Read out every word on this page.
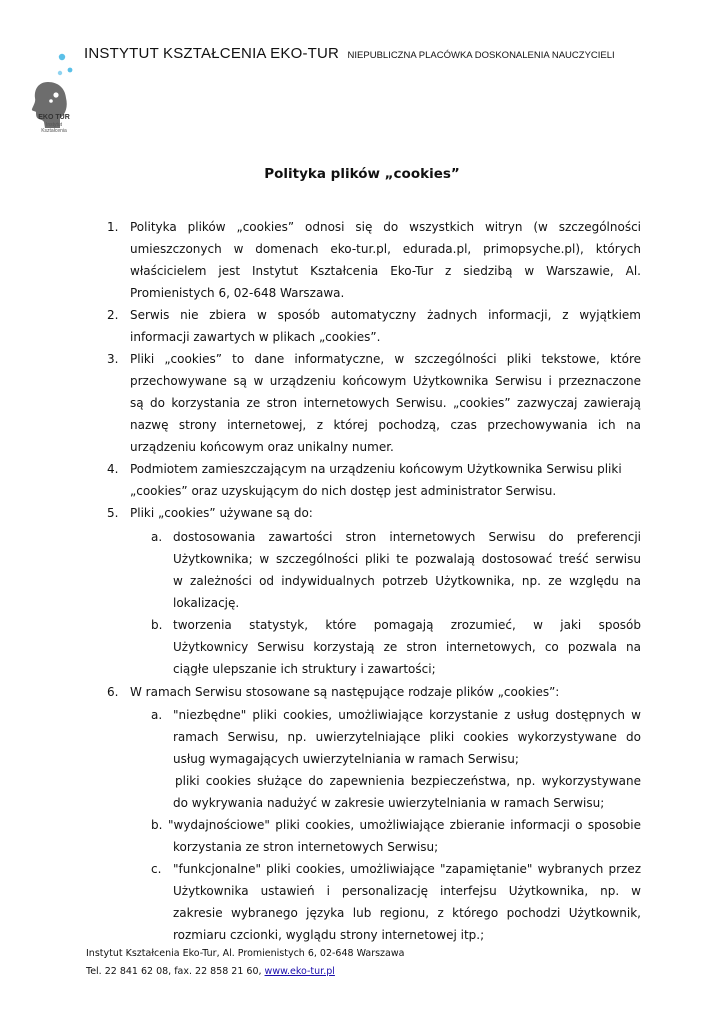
EKO TUR
Instytut
Kształcenia
INSTYTUT KSZTAŁCENIA EKO-TUR NIEPUBLICZNA PLACÓWKA DOSKONALENIA NAUCZYCIELI
Polityka plików „cookies”
1. Polityka plików „cookies” odnosi się do wszystkich witryn (w szczególności
umieszczonych w domenach eko-tur.pl, edurada.pl, primopsyche.pl), których
właścicielem jest Instytut Kształcenia Eko-Tur z siedzibą w Warszawie, Al.
Promienistych 6, 02-648 Warszawa.
2. Serwis nie zbiera w sposób automatyczny żadnych informacji, z wyjątkiem
informacji zawartych w plikach „cookies”.
3. Pliki „cookies” to dane informatyczne, w szczególności pliki tekstowe, które
przechowywane są w urządzeniu końcowym Użytkownika Serwisu i przeznaczone
są do korzystania ze stron internetowych Serwisu. „cookies” zazwyczaj zawierają
nazwę strony internetowej, z której pochodzą, czas przechowywania ich na
urządzeniu końcowym oraz unikalny numer.
4. Podmiotem zamieszczającym na urządzeniu końcowym Użytkownika Serwisu pliki
„cookies” oraz uzyskującym do nich dostęp jest administrator Serwisu.
5. Pliki „cookies” używane są do:
a. dostosowania zawartości stron internetowych Serwisu do preferencji
Użytkownika; w szczególności pliki te pozwalają dostosować treść serwisu
w zależności od indywidualnych potrzeb Użytkownika, np. ze względu na
lokalizację.
b. tworzenia statystyk, które pomagają zrozumieć, w jaki sposób
Użytkownicy Serwisu korzystają ze stron internetowych, co pozwala na
ciągłe ulepszanie ich struktury i zawartości;
6. W ramach Serwisu stosowane są następujące rodzaje plików „cookies”:
a. "niezbędne" pliki cookies, umożliwiające korzystanie z usług dostępnych w
ramach Serwisu, np. uwierzytelniające pliki cookies wykorzystywane do
usług wymagających uwierzytelniania w ramach Serwisu;
pliki cookies służące do zapewnienia bezpieczeństwa, np. wykorzystywane
do wykrywania nadużyć w zakresie uwierzytelniania w ramach Serwisu;
b. "wydajnościowe" pliki cookies, umożliwiające zbieranie informacji o sposobie
korzystania ze stron internetowych Serwisu;
c. "funkcjonalne" pliki cookies, umożliwiające "zapamiętanie" wybranych przez
Użytkownika ustawień i personalizację interfejsu Użytkownika, np. w
zakresie wybranego języka lub regionu, z którego pochodzi Użytkownik,
rozmiaru czcionki, wyglądu strony internetowej itp.;
Instytut Kształcenia Eko-Tur, Al. Promienistych 6, 02-648 Warszawa
Tel. 22 841 62 08, fax. 22 858 21 60, www.eko-tur.pl
